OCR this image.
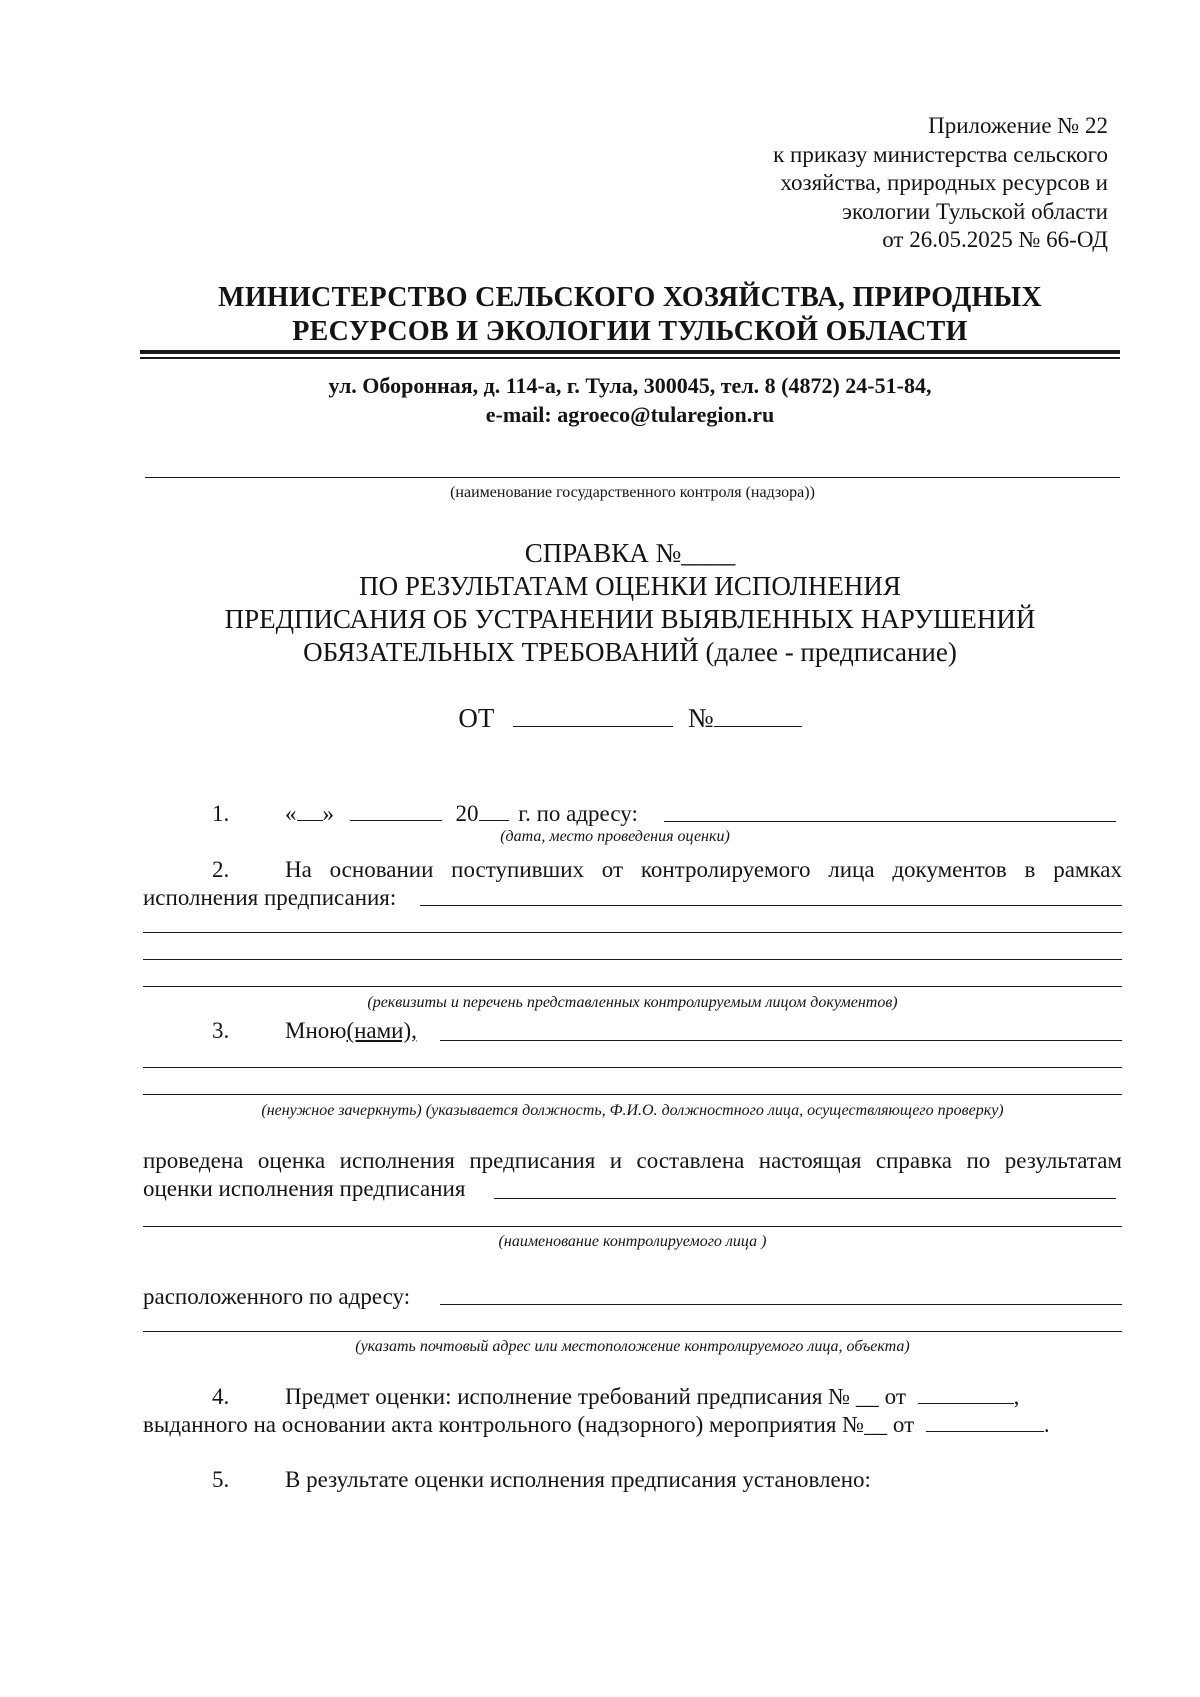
Приложение № 22
к приказу министерства сельского
хозяйства, природных ресурсов и
экологии Тульской области
от 26.05.2025 № 66-ОД
МИНИСТЕРСТВО СЕЛЬСКОГО ХОЗЯЙСТВА, ПРИРОДНЫХ
РЕСУРСОВ И ЭКОЛОГИИ ТУЛЬСКОЙ ОБЛАСТИ
ул. Оборонная, д. 114-а, г. Тула, 300045, тел. 8 (4872) 24-51-84,
e-mail: agroeco@tularegion.ru
(наименование государственного контроля (надзора))
СПРАВКА №____
ПО РЕЗУЛЬТАТАМ ОЦЕНКИ ИСПОЛНЕНИЯ
ПРЕДПИСАНИЯ ОБ УСТРАНЕНИИ ВЫЯВЛЕННЫХ НАРУШЕНИЙ
ОБЯЗАТЕЛЬНЫХ ТРЕБОВАНИЙ (далее - предписание)
ОТ	№
1. « »	20 г. по адресу:
(дата, место проведения оценки)
2. На основании поступивших от контролируемого лица документов в рамках
исполнения предписания:
(реквизиты и перечень представленных контролируемым лицом документов)
3. Мною(нами),
(ненужное зачеркнуть) (указывается должность, Ф.И.О. должностного лица, осуществляющего проверку)
проведена оценка исполнения предписания и составлена настоящая справка по результатам
оценки исполнения предписания
(наименование контролируемого лица )
расположенного по адресу:
(указать почтовый адрес или местоположение контролируемого лица, объекта)
4. Предмет оценки: исполнение требований предписания № __ от	,
выданного на основании акта контрольного (надзорного) мероприятия №__ от	.
5. В результате оценки исполнения предписания установлено:
